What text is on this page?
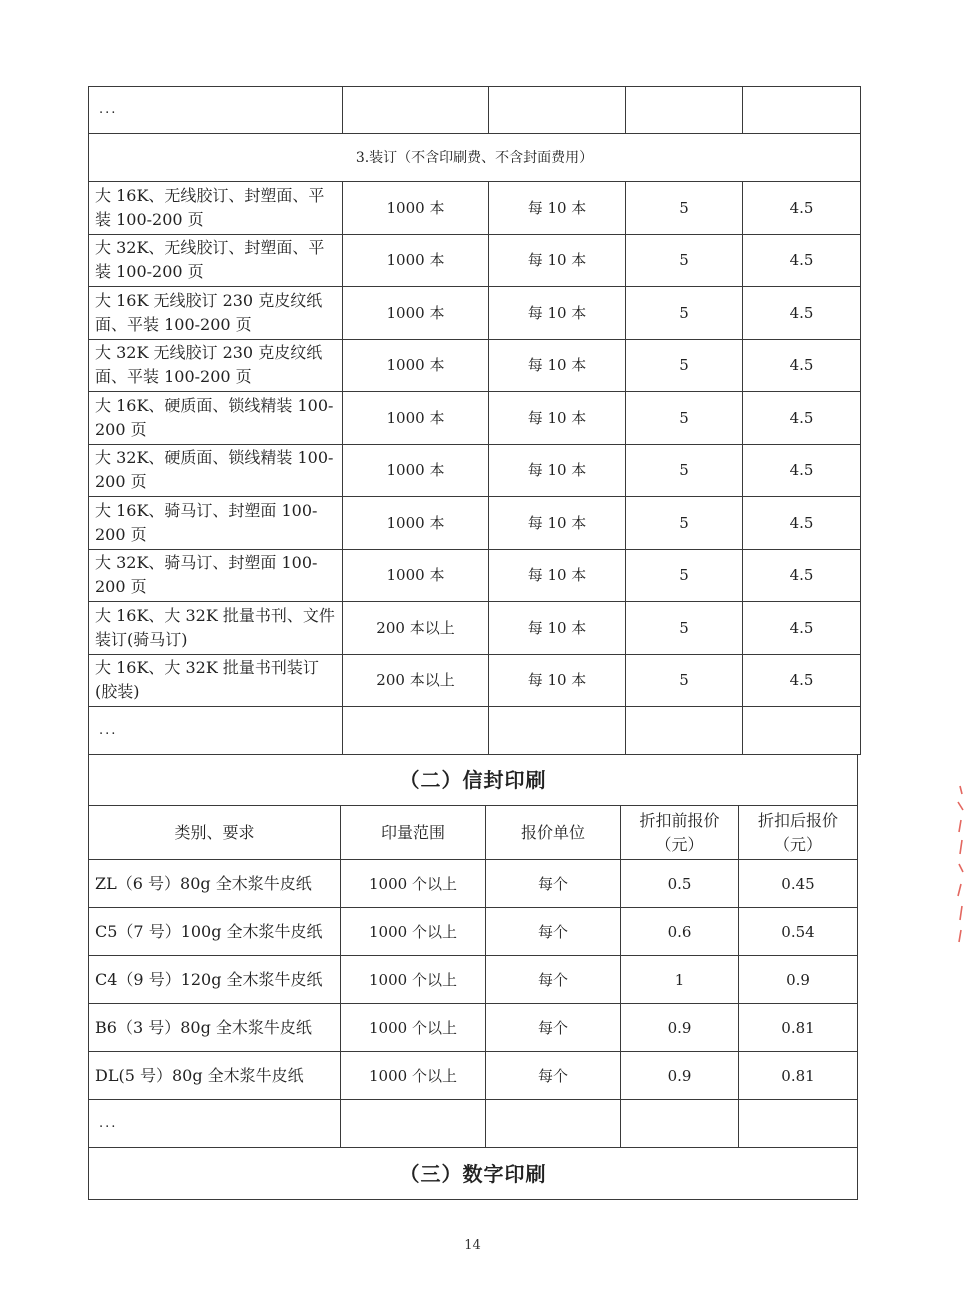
...				
3.装订（不含印刷费、不含封面费用）				
大 16K、无线胶订、封塑面、平装 100-200 页	1000 本	每 10 本	5	4.5
大 32K、无线胶订、封塑面、平装 100-200 页	1000 本	每 10 本	5	4.5
大 16K 无线胶订 230 克皮纹纸面、平装 100-200 页	1000 本	每 10 本	5	4.5
大 32K 无线胶订 230 克皮纹纸面、平装 100-200 页	1000 本	每 10 本	5	4.5
大 16K、硬质面、锁线精装 100-200 页	1000 本	每 10 本	5	4.5
大 32K、硬质面、锁线精装 100-200 页	1000 本	每 10 本	5	4.5
大 16K、骑马订、封塑面 100-200 页	1000 本	每 10 本	5	4.5
大 32K、骑马订、封塑面 100-200 页	1000 本	每 10 本	5	4.5
大 16K、大 32K 批量书刊、文件装订(骑马订)	200 本以上	每 10 本	5	4.5
大 16K、大 32K 批量书刊装订(胶装)	200 本以上	每 10 本	5	4.5
...				
（二）信封印刷				
类别、要求	印量范围	报价单位	折扣前报价（元）	折扣后报价（元）
ZL（6 号）80g 全木浆牛皮纸	1000 个以上	每个	0.5	0.45
C5（7 号）100g 全木浆牛皮纸	1000 个以上	每个	0.6	0.54
C4（9 号）120g 全木浆牛皮纸	1000 个以上	每个	1	0.9
B6（3 号）80g 全木浆牛皮纸	1000 个以上	每个	0.9	0.81
DL(5 号）80g 全木浆牛皮纸	1000 个以上	每个	0.9	0.81
...				
（三）数字印刷				
14
